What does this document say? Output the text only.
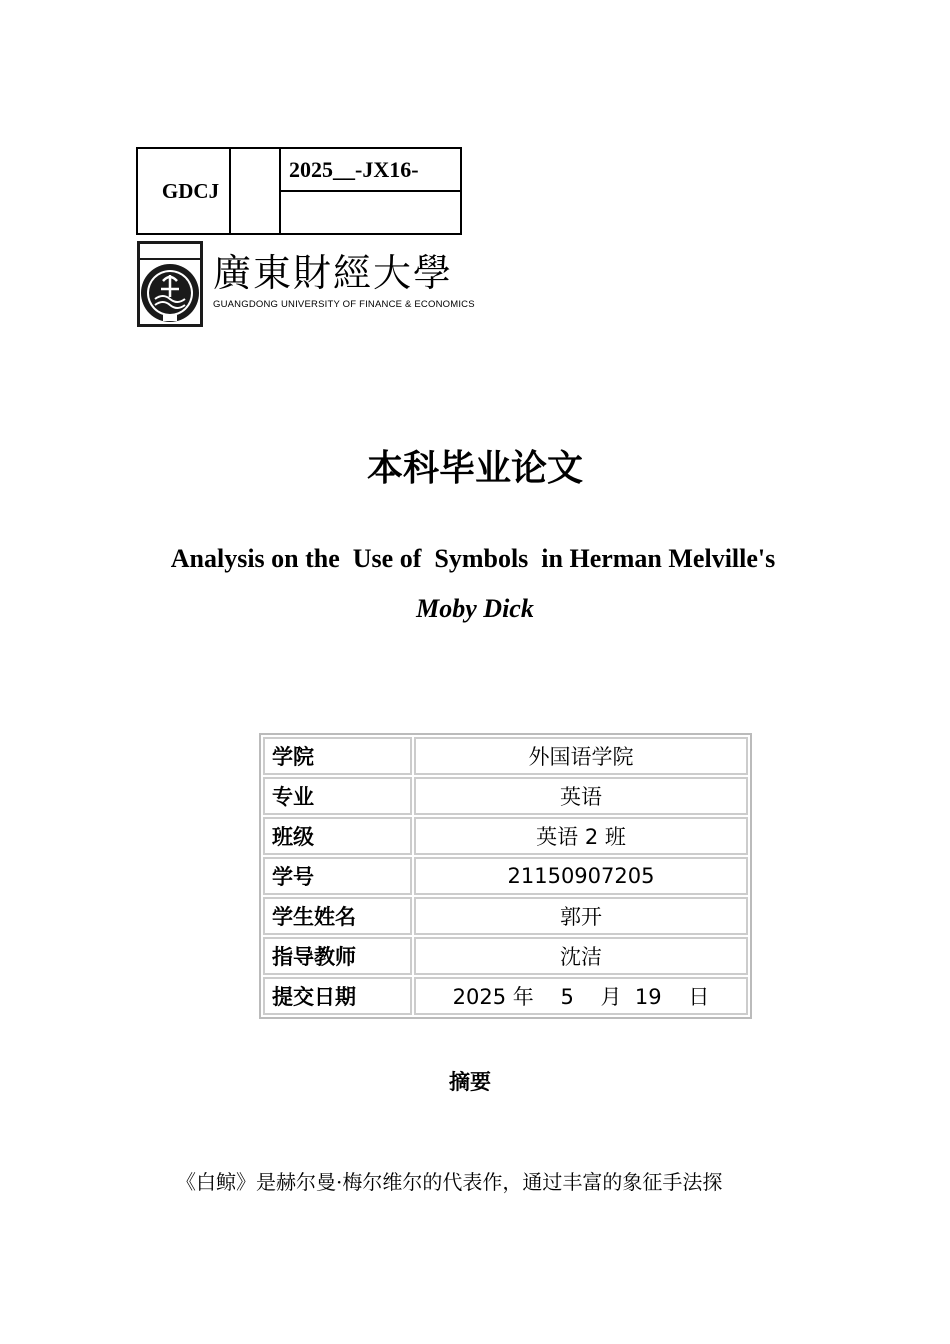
GDCJ
2025__-JX16-
廣東財經大學
GUANGDONG UNIVERSITY OF FINANCE & ECONOMICS
本科毕业论文
Analysis on the  Use of  Symbols  in Herman Melville's
Moby Dick
学院	外国语学院
专业	英语
班级	英语 2 班
学号	21150907205
学生姓名	郭开
指导教师	沈洁
提交日期	2025 年    5    月  19    日
摘要
《白鲸》是赫尔曼·梅尔维尔的代表作，通过丰富的象征手法探
